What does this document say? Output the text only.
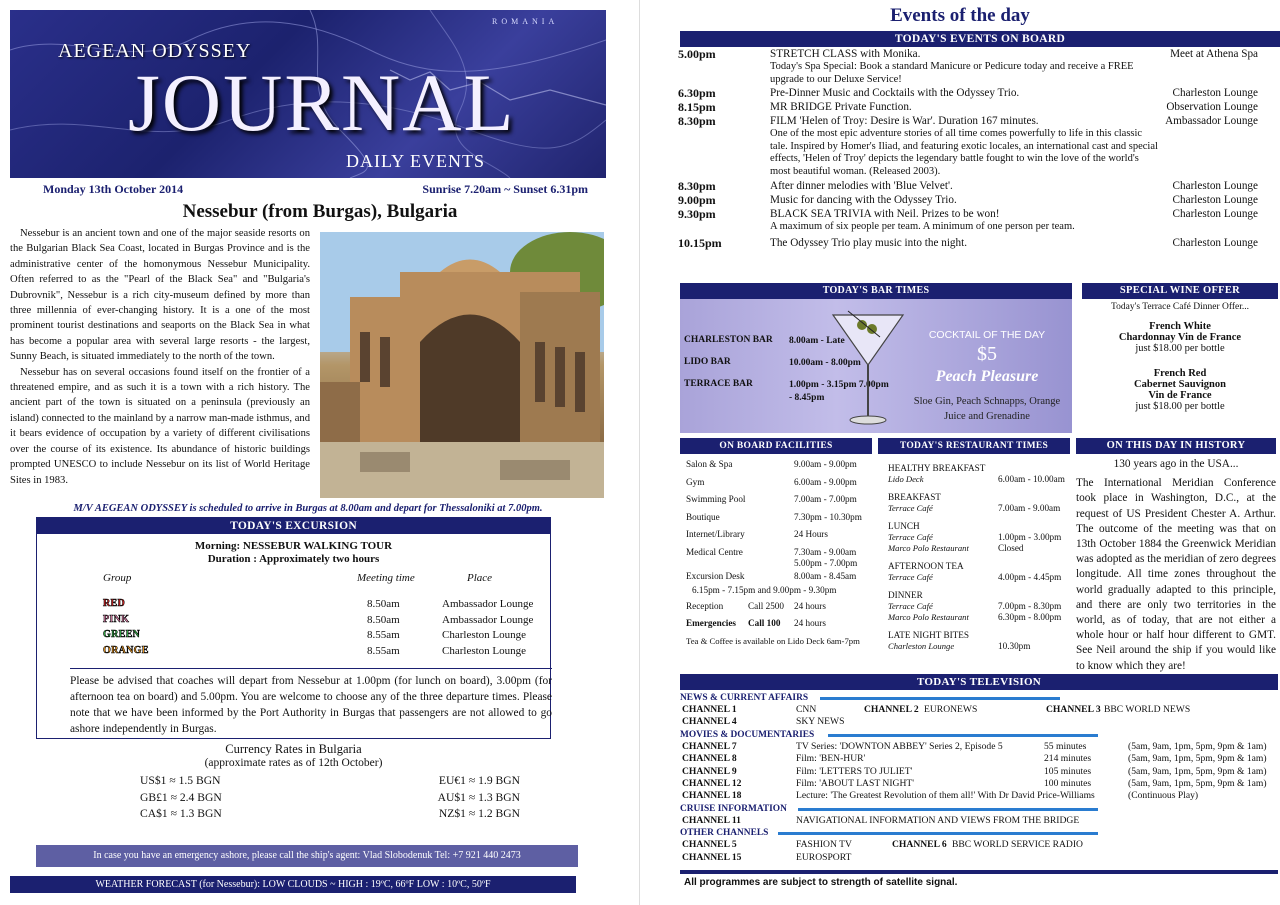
ROMANIA
AEGEAN ODYSSEY
JOURNAL
DAILY EVENTS
Monday 13th October 2014	Sunrise 7.20am ~ Sunset 6.31pm
Nessebur (from Burgas), Bulgaria

Nessebur is an ancient town and one of the major seaside resorts on the Bulgarian Black Sea Coast, located in Burgas Province and is the administrative center of the homonymous Nessebur Municipality. Often referred to as the "Pearl of the Black Sea" and "Bulgaria's Dubrovnik", Nessebur is a rich city-museum defined by more than three millennia of ever-changing history. It is a one of the most prominent tourist destinations and seaports on the Black Sea in what has become a popular area with several large resorts - the largest, Sunny Beach, is situated immediately to the north of the town.

Nessebur has on several occasions found itself on the frontier of a threatened empire, and as such it is a town with a rich history. The ancient part of the town is situated on a peninsula (previously an island) connected to the mainland by a narrow man-made isthmus, and it bears evidence of occupation by a variety of different civilisations over the course of its existence. Its abundance of historic buildings prompted UNESCO to include Nessebur on its list of World Heritage Sites in 1983.

M/V AEGEAN ODYSSEY is scheduled to arrive in Burgas at 8.00am and depart for Thessaloniki at 7.00pm.
TODAY'S EXCURSION
Morning: NESSEBUR WALKING TOUR
Duration : Approximately two hours
Group	Meeting time	Place
RED	8.50am	Ambassador Lounge
PINK	8.50am	Ambassador Lounge
GREEN	8.55am	Charleston Lounge
ORANGE	8.55am	Charleston Lounge
Please be advised that coaches will depart from Nessebur at 1.00pm (for lunch on board), 3.00pm (for afternoon tea on board) and 5.00pm. You are welcome to choose any of the three departure times. Please note that we have been informed by the Port Authority in Burgas that passengers are not allowed to go ashore independently in Burgas.
Currency Rates in Bulgaria
(approximate rates as of 12th October)
US$1 ≈ 1.5 BGN	EU€1 ≈ 1.9 BGN
GB£1 ≈ 2.4 BGN	AU$1 ≈ 1.3 BGN
CA$1 ≈ 1.3 BGN	NZ$1 ≈ 1.2 BGN
In case you have an emergency ashore, please call the ship's agent: Vlad Slobodenuk Tel: +7 921 440 2473
WEATHER FORECAST (for Nessebur): LOW CLOUDS ~ HIGH : 19ºC, 66ºF LOW : 10ºC, 50ºF
Events of the day
TODAY'S EVENTS ON BOARD
5.00pm	STRETCH CLASS with Monika.
Today's Spa Special: Book a standard Manicure or Pedicure today and receive a FREE upgrade to our Deluxe Service!
Meet at Athena Spa
6.30pm	Pre-Dinner Music and Cocktails with the Odyssey Trio.	Charleston Lounge
8.15pm	MR BRIDGE Private Function.	Observation Lounge
8.30pm	FILM 'Helen of Troy: Desire is War'. Duration 167 minutes.
One of the most epic adventure stories of all time comes powerfully to life in this classic tale. Inspired by Homer's Iliad, and featuring exotic locales, an international cast and special effects, 'Helen of Troy' depicts the legendary battle fought to win the love of the world's most beautiful woman. (Released 2003).
Ambassador Lounge
8.30pm	After dinner melodies with 'Blue Velvet'.	Charleston Lounge
9.00pm	Music for dancing with the Odyssey Trio.	Charleston Lounge
9.30pm	BLACK SEA TRIVIA with Neil. Prizes to be won!
A maximum of six people per team. A minimum of one person per team.
Charleston Lounge
10.15pm	The Odyssey Trio play music into the night.	Charleston Lounge
TODAY'S BAR TIMES
CHARLESTON BAR	8.00am - Late
LIDO BAR	10.00am - 8.00pm
TERRACE BAR	1.00pm - 3.15pm 7.00pm - 8.45pm
COCKTAIL OF THE DAY
$5
Peach Pleasure
Sloe Gin, Peach Schnapps, Orange Juice and Grenadine
SPECIAL WINE OFFER
Today's Terrace Café Dinner Offer...
French White
Chardonnay Vin de France
just $18.00 per bottle
French Red
Cabernet Sauvignon
Vin de France
just $18.00 per bottle
ON BOARD FACILITIES
Salon & Spa	9.00am - 9.00pm
Gym	6.00am - 9.00pm
Swimming Pool	7.00am - 7.00pm
Boutique	7.30pm - 10.30pm
Internet/Library	24 Hours
Medical Centre	7.30am - 9.00am 5.00pm - 7.00pm
Excursion Desk	8.00am - 8.45am
6.15pm - 7.15pm and 9.00pm - 9.30pm
Reception	Call 2500 24 hours
Emergencies Call 100 24 hours
Tea & Coffee is available on Lido Deck 6am-7pm
TODAY'S RESTAURANT TIMES
HEALTHY BREAKFAST
Lido Deck	6.00am - 10.00am
BREAKFAST
Terrace Café	7.00am - 9.00am
LUNCH
Terrace Café	1.00pm - 3.00pm
Marco Polo Restaurant	Closed
AFTERNOON TEA
Terrace Café	4.00pm - 4.45pm
DINNER
Terrace Café	7.00pm - 8.30pm
Marco Polo Restaurant	6.30pm - 8.00pm
LATE NIGHT BITES
Charleston Lounge	10.30pm
ON THIS DAY IN HISTORY
130 years ago in the USA...
The International Meridian Conference took place in Washington, D.C., at the request of US President Chester A. Arthur. The outcome of the meeting was that on 13th October 1884 the Greenwick Meridian was adopted as the meridian of zero degrees longitude. All time zones throughout the world gradually adapted to this principle, and there are only two territories in the world, as of today, that are not either a whole hour or half hour different to GMT. See Neil around the ship if you would like to know which they are!
TODAY'S TELEVISION
NEWS & CURRENT AFFAIRS
CHANNEL 1	CNN	CHANNEL 2 EURONEWS	CHANNEL 3 BBC WORLD NEWS
CHANNEL 4	SKY NEWS
MOVIES & DOCUMENTARIES
CHANNEL 7	TV Series: 'DOWNTON ABBEY' Series 2, Episode 5	55 minutes	(5am, 9am, 1pm, 5pm, 9pm & 1am)
CHANNEL 8	Film: 'BEN-HUR'	214 minutes	(5am, 9am, 1pm, 5pm, 9pm & 1am)
CHANNEL 9	Film: 'LETTERS TO JULIET'	105 minutes	(5am, 9am, 1pm, 5pm, 9pm & 1am)
CHANNEL 12	Film: 'ABOUT LAST NIGHT'	100 minutes	(5am, 9am, 1pm, 5pm, 9pm & 1am)
CHANNEL 18	Lecture: 'The Greatest Revolution of them all!' With Dr David Price-Williams	(Continuous Play)
CRUISE INFORMATION
CHANNEL 11	NAVIGATIONAL INFORMATION AND VIEWS FROM THE BRIDGE
OTHER CHANNELS
CHANNEL 5	FASHION TV	CHANNEL 6 BBC WORLD SERVICE RADIO
CHANNEL 15	EUROSPORT
All programmes are subject to strength of satellite signal.
